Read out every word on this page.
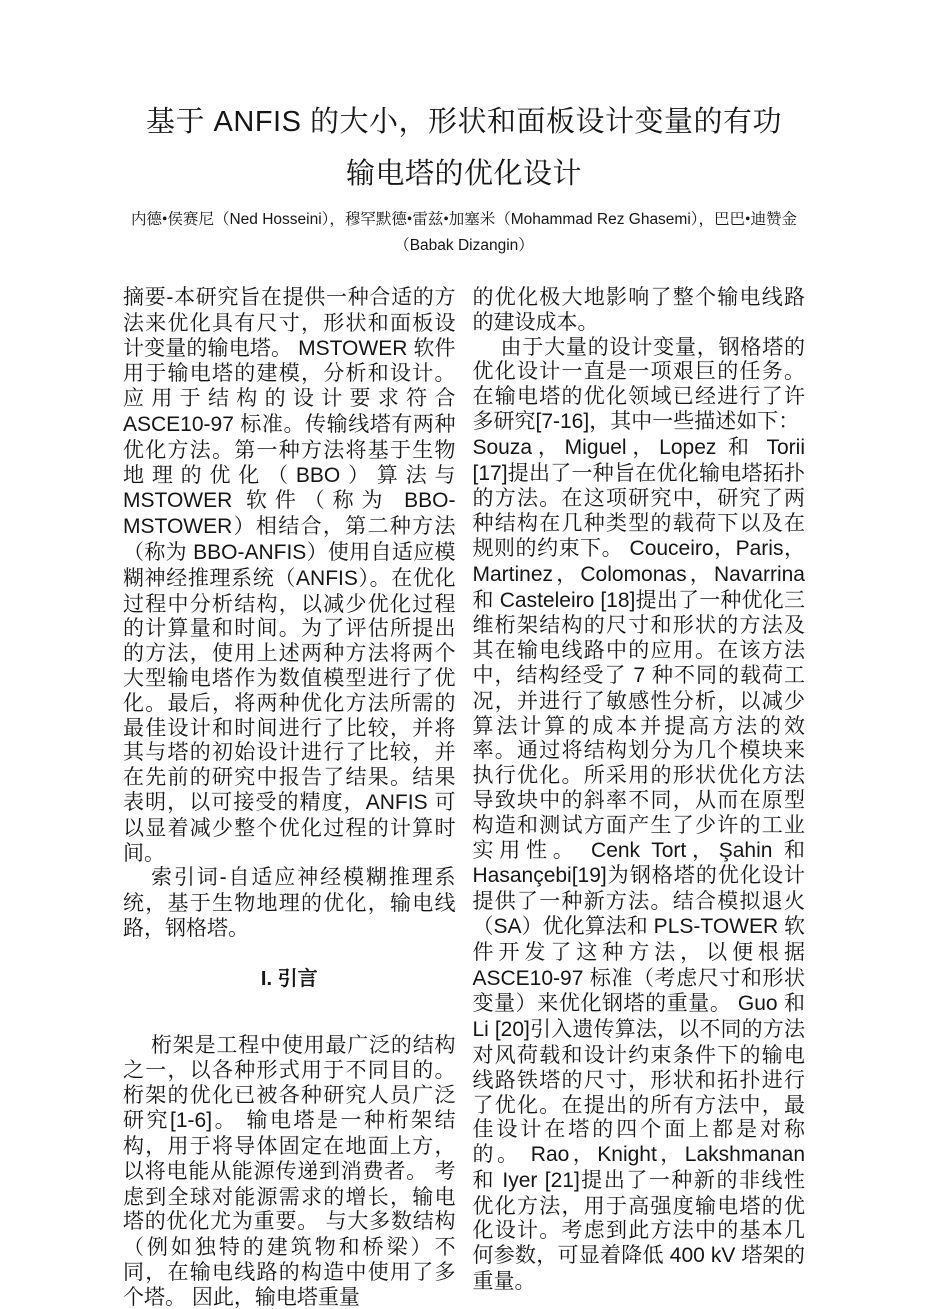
基于 ANFIS 的大小，形状和面板设计变量的有功
输电塔的优化设计
内德•侯赛尼（Ned Hosseini），穆罕默德•雷兹•加塞米（Mohammad Rez Ghasemi），巴巴•迪赞金（Babak Dizangin）

摘要-本研究旨在提供一种合适的方法来优化具有尺寸，形状和面板设计变量的输电塔。 MSTOWER 软件用于输电塔的建模，分析和设计。应用于结构的设计要求符合 ASCE10-97 标准。传输线塔有两种优化方法。第一种方法将基于生物地理的优化（BBO）算法与 MSTOWER 软件（称为 BBO-MSTOWER）相结合，第二种方法（称为 BBO-ANFIS）使用自适应模糊神经推理系统（ANFIS）。在优化过程中分析结构，以减少优化过程的计算量和时间。为了评估所提出的方法，使用上述两种方法将两个大型输电塔作为数值模型进行了优化。最后，将两种优化方法所需的最佳设计和时间进行了比较，并将其与塔的初始设计进行了比较，并在先前的研究中报告了结果。结果表明，以可接受的精度，ANFIS 可以显着减少整个优化过程的计算时间。

索引词-自适应神经模糊推理系统，基于生物地理的优化，输电线路，钢格塔。

I. 引言

桁架是工程中使用最广泛的结构之一，以各种形式用于不同目的。 桁架的优化已被各种研究人员广泛研究[1-6]。 输电塔是一种桁架结构，用于将导体固定在地面上方，以将电能从能源传递到消费者。 考虑到全球对能源需求的增长，输电塔的优化尤为重要。 与大多数结构（例如独特的建筑物和桥梁）不同，在输电线路的构造中使用了多个塔。 因此，输电塔重量

的优化极大地影响了整个输电线路的建设成本。

由于大量的设计变量，钢格塔的优化设计一直是一项艰巨的任务。在输电塔的优化领域已经进行了许多研究[7-16]，其中一些描述如下：

Souza，Miguel，Lopez 和 Torii [17]提出了一种旨在优化输电塔拓扑的方法。在这项研究中，研究了两种结构在几种类型的载荷下以及在规则的约束下。 Couceiro，Paris，Martinez，Colomonas，Navarrina 和 Casteleiro [18]提出了一种优化三维桁架结构的尺寸和形状的方法及其在输电线路中的应用。在该方法中，结构经受了 7 种不同的载荷工况，并进行了敏感性分析，以减少算法计算的成本并提高方法的效率。通过将结构划分为几个模块来执行优化。所采用的形状优化方法导致块中的斜率不同，从而在原型构造和测试方面产生了少许的工业实用性。 Cenk Tort，Şahin 和 Hasançebi[19]为钢格塔的优化设计提供了一种新方法。结合模拟退火（SA）优化算法和 PLS-TOWER 软件开发了这种方法，以便根据 ASCE10-97 标准（考虑尺寸和形状变量）来优化钢塔的重量。 Guo 和 Li [20]引入遗传算法，以不同的方法对风荷载和设计约束条件下的输电线路铁塔的尺寸，形状和拓扑进行了优化。在提出的所有方法中，最佳设计在塔的四个面上都是对称的。 Rao，Knight，Lakshmanan 和 Iyer [21]提出了一种新的非线性优化方法，用于高强度输电塔的优化设计。考虑到此方法中的基本几何参数，可显着降低 400 kV 塔架的重量。
